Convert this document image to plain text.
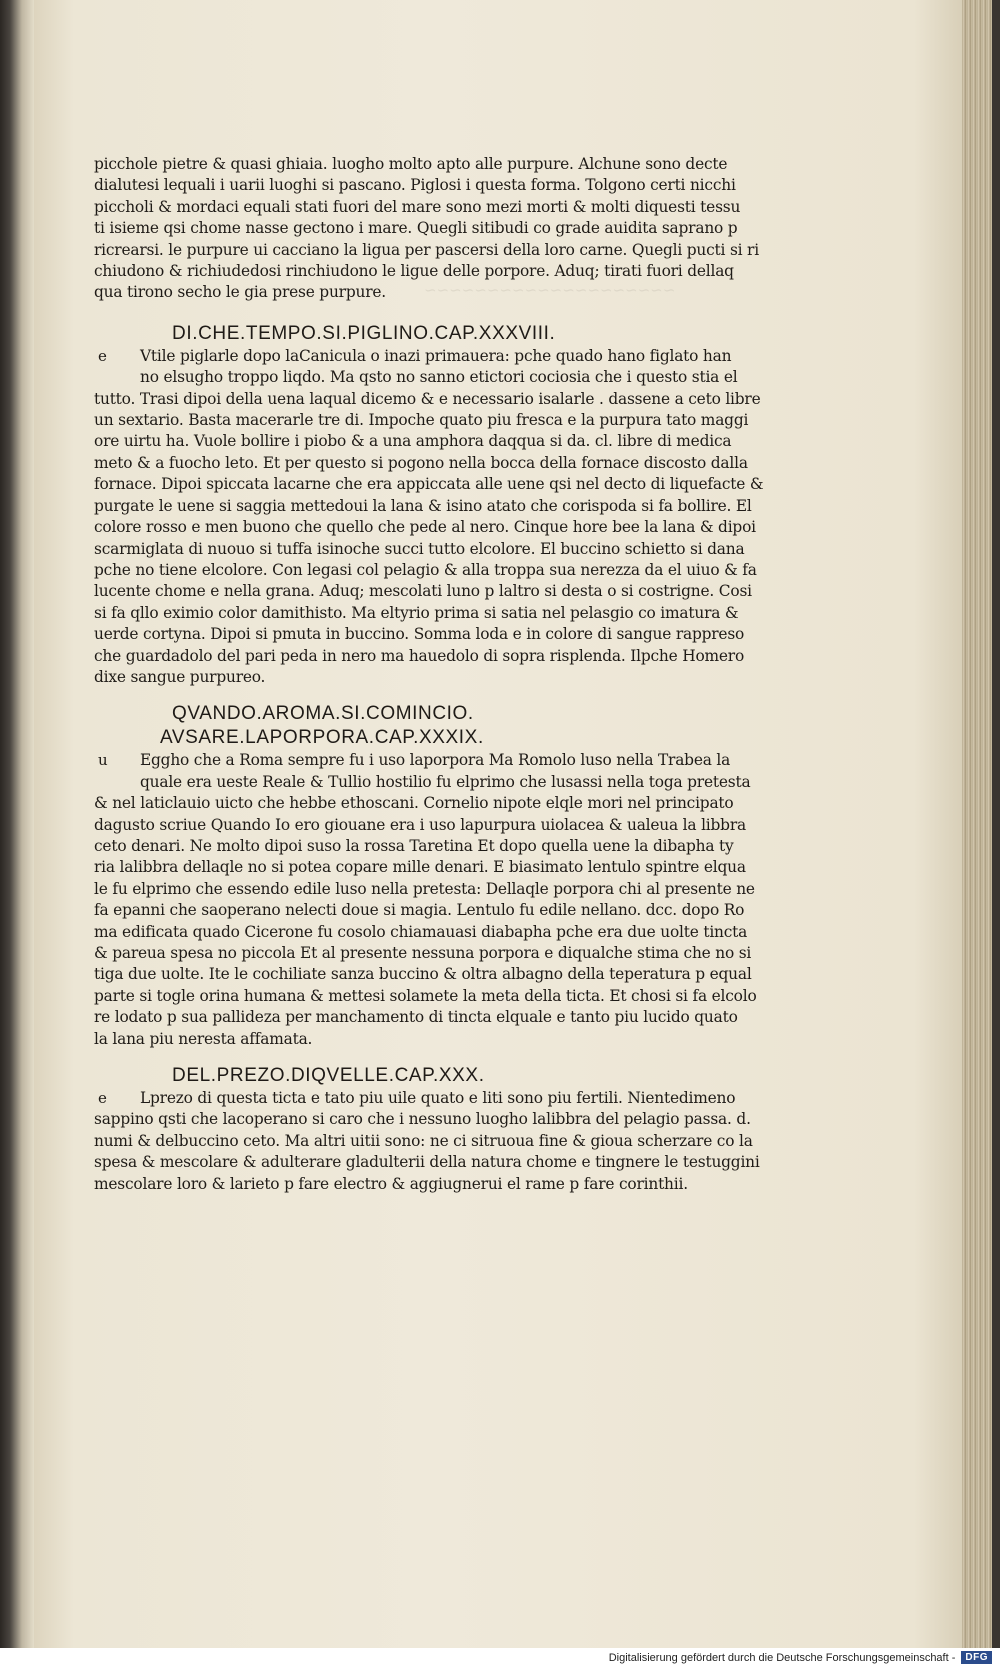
~~~~~~~~~~~~~~~~~~~~
picchole pietre & quasi ghiaia. luogho molto apto alle purpure. Alchune sono decte
dialutesi lequali i uarii luoghi si pascano. Piglosi i questa forma. Tolgono certi nicchi
piccholi & mordaci equali stati fuori del mare sono mezi morti & molti diquesti tessu
ti isieme qsi chome nasse gectono i mare. Quegli sitibudi co grade auidita saprano p
ricrearsi. le purpure ui cacciano la ligua per pascersi della loro carne. Quegli pucti si ri
chiudono & richiudedosi rinchiudono le ligue delle porpore. Aduq; tirati fuori dellaq
qua tirono secho le gia prese purpure.
DI.CHE.TEMPO.SI.PIGLINO.CAP.XXXVIII.
e	Vtile piglarle dopo laCanicula o inazi primauera: pche quado hano figlato han
no elsugho troppo liqdo. Ma qsto no sanno etictori cociosia che i questo stia el
tutto. Trasi dipoi della uena laqual dicemo & e necessario isalarle . dassene a ceto libre
un sextario. Basta macerarle tre di. Impoche quato piu fresca e la purpura tato maggi
ore uirtu ha. Vuole bollire i piobo & a una amphora daqqua si da. cl. libre di medica
meto & a fuocho leto. Et per questo si pogono nella bocca della fornace discosto dalla
fornace. Dipoi spiccata lacarne che era appiccata alle uene qsi nel decto di liquefacte &
purgate le uene si saggia mettedoui la lana & isino atato che corispoda si fa bollire. El
colore rosso e men buono che quello che pede al nero. Cinque hore bee la lana & dipoi
scarmiglata di nuouo si tuffa isinoche succi tutto elcolore. El buccino schietto si dana
pche no tiene elcolore. Con legasi col pelagio & alla troppa sua nerezza da el uiuo & fa
lucente chome e nella grana. Aduq; mescolati luno p laltro si desta o si costrigne. Cosi
si fa qllo eximio color damithisto. Ma eltyrio prima si satia nel pelasgio co imatura &
uerde cortyna. Dipoi si pmuta in buccino. Somma loda e in colore di sangue rappreso
che guardadolo del pari peda in nero ma hauedolo di sopra risplenda. Ilpche Homero
dixe sangue purpureo.
QVANDO.AROMA.SI.COMINCIO.
AVSARE.LAPORPORA.CAP.XXXIX.
u	Eggho che a Roma sempre fu i uso laporpora Ma Romolo luso nella Trabea la
quale era ueste Reale & Tullio hostilio fu elprimo che lusassi nella toga pretesta
& nel laticlauio uicto che hebbe ethoscani. Cornelio nipote elqle mori nel principato
dagusto scriue Quando Io ero giouane era i uso lapurpura uiolacea & ualeua la libbra
ceto denari. Ne molto dipoi suso la rossa Taretina Et dopo quella uene la dibapha ty
ria lalibbra dellaqle no si potea copare mille denari. E biasimato lentulo spintre elqua
le fu elprimo che essendo edile luso nella pretesta: Dellaqle porpora chi al presente ne
fa epanni che saoperano nelecti doue si magia. Lentulo fu edile nellano. dcc. dopo Ro
ma edificata quado Cicerone fu cosolo chiamauasi diabapha pche era due uolte tincta
& pareua spesa no piccola Et al presente nessuna porpora e diqualche stima che no si
tiga due uolte. Ite le cochiliate sanza buccino & oltra albagno della teperatura p equal
parte si togle orina humana & mettesi solamete la meta della ticta. Et chosi si fa elcolo
re lodato p sua pallideza per manchamento di tincta elquale e tanto piu lucido quato
la lana piu neresta affamata.
DEL.PREZO.DIQVELLE.CAP.XXX.
e	Lprezo di questa ticta e tato piu uile quato e liti sono piu fertili. Nientedimeno
sappino qsti che lacoperano si caro che i nessuno luogho lalibbra del pelagio passa. d.
numi & delbuccino ceto. Ma altri uitii sono: ne ci sitruoua fine & gioua scherzare co la
spesa & mescolare & adulterare gladulterii della natura chome e tingnere le testuggini
mescolare loro & larieto p fare electro & aggiugnerui el rame p fare corinthii.
Digitalisierung gefördert durch die Deutsche Forschungsgemeinschaft -	DFG
